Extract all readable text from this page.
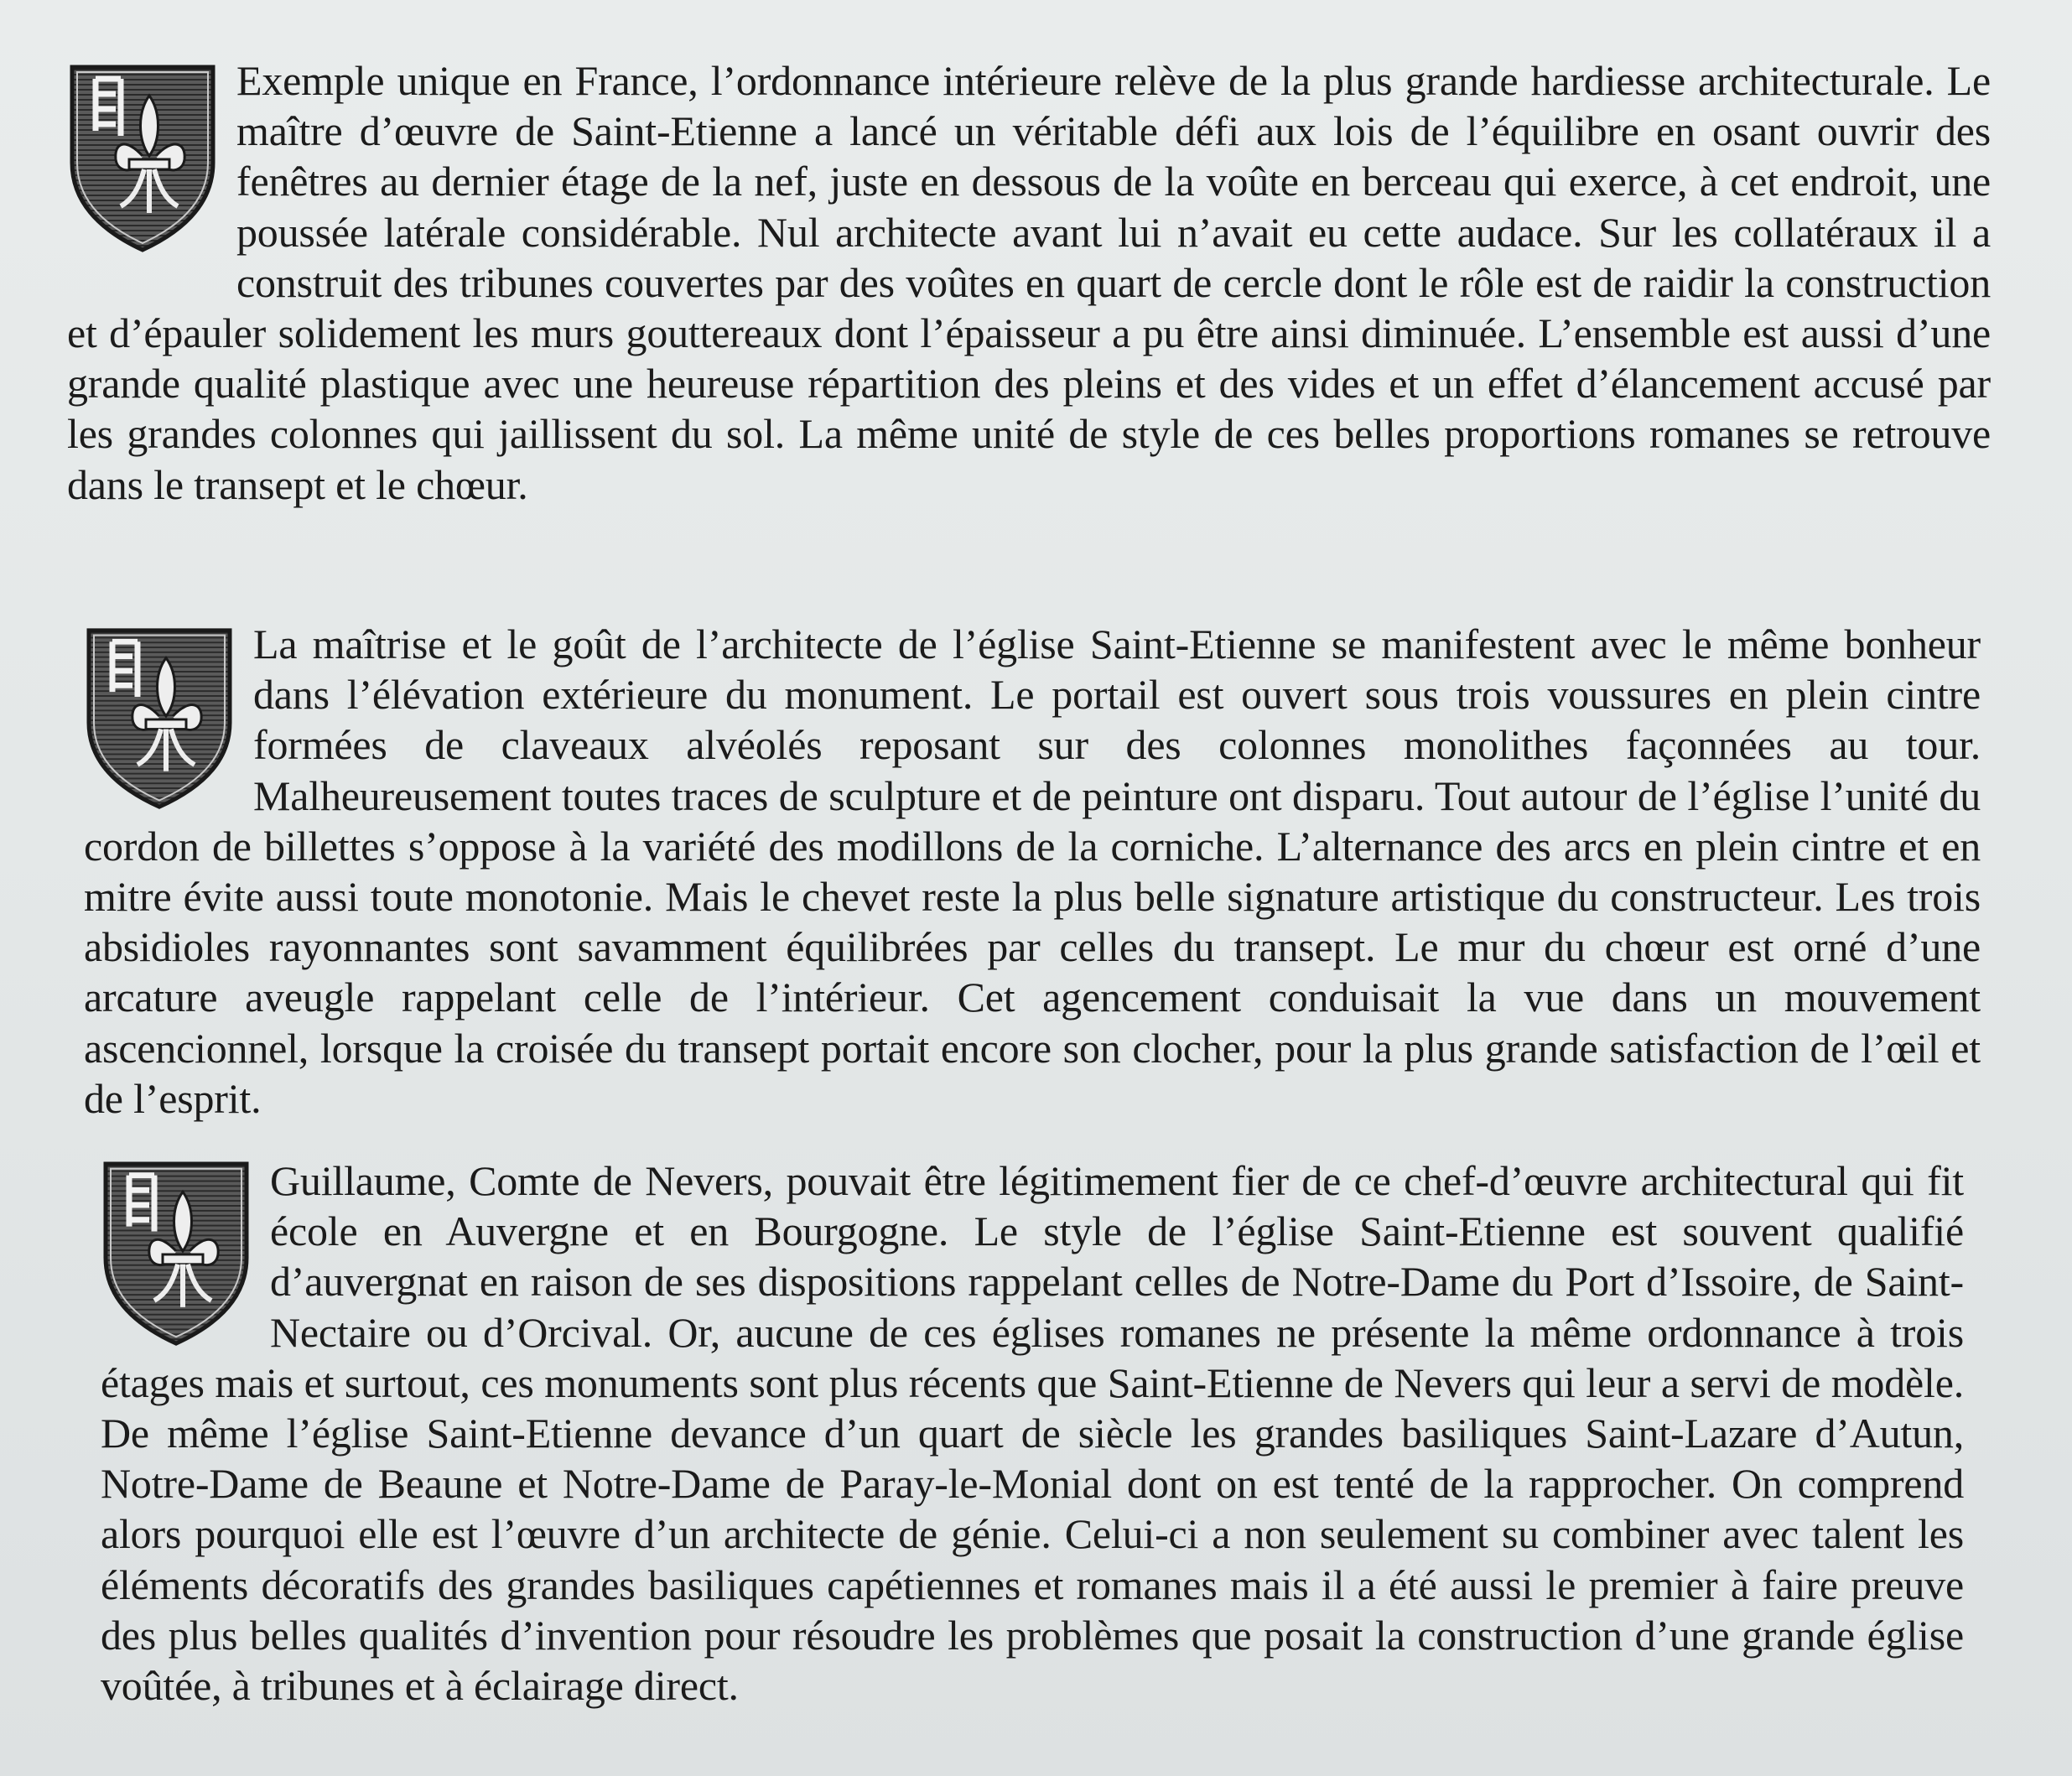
Exemple unique en France, l’ordonnance intérieure relève de la plus grande hardiesse architecturale. Le maître d’œuvre de Saint-Etienne a lancé un véritable défi aux lois de l’équilibre en osant ouvrir des fenêtres au dernier étage de la nef, juste en dessous de la voûte en berceau qui exerce, à cet endroit, une poussée latérale considérable. Nul architecte avant lui n’avait eu cette audace. Sur les collatéraux il a construit des tribunes couvertes par des voûtes en quart de cercle dont le rôle est de raidir la construction et d’épauler solidement les murs gouttereaux dont l’épaisseur a pu être ainsi diminuée. L’ensemble est aussi d’une grande qualité plastique avec une heureuse répartition des pleins et des vides et un effet d’élancement accusé par les grandes colonnes qui jaillissent du sol. La même unité de style de ces belles proportions romanes se retrouve dans le transept et le chœur.

La maîtrise et le goût de l’architecte de l’église Saint-Etienne se manifestent avec le même bonheur dans l’élévation extérieure du monument. Le portail est ouvert sous trois voussures en plein cintre formées de claveaux alvéolés reposant sur des colonnes monolithes façonnées au tour. Malheureusement toutes traces de sculpture et de peinture ont disparu. Tout autour de l’église l’unité du cordon de billettes s’oppose à la variété des modillons de la corniche. L’alternance des arcs en plein cintre et en mitre évite aussi toute monotonie. Mais le chevet reste la plus belle signature artistique du constructeur. Les trois absidioles rayonnantes sont savamment équilibrées par celles du transept. Le mur du chœur est orné d’une arcature aveugle rappelant celle de l’intérieur. Cet agencement conduisait la vue dans un mouvement ascencionnel, lorsque la croisée du transept portait encore son clocher, pour la plus grande satisfaction de l’œil et de l’esprit.

Guillaume, Comte de Nevers, pouvait être légitimement fier de ce chef-d’œuvre architectural qui fit école en Auvergne et en Bourgogne. Le style de l’église Saint-Etienne est souvent qualifié d’auvergnat en raison de ses dispositions rappelant celles de Notre-Dame du Port d’Issoire, de Saint-Nectaire ou d’Orcival. Or, aucune de ces églises romanes ne présente la même ordonnance à trois étages mais et surtout, ces monuments sont plus récents que Saint-Etienne de Nevers qui leur a servi de modèle. De même l’église Saint-Etienne devance d’un quart de siècle les grandes basiliques Saint-Lazare d’Autun, Notre-Dame de Beaune et Notre-Dame de Paray-le-Monial dont on est tenté de la rapprocher. On comprend alors pourquoi elle est l’œuvre d’un architecte de génie. Celui-ci a non seulement su combiner avec talent les éléments décoratifs des grandes basiliques capétiennes et romanes mais il a été aussi le premier à faire preuve des plus belles qualités d’invention pour résoudre les problèmes que posait la construction d’une grande église voûtée, à tribunes et à éclairage direct.
